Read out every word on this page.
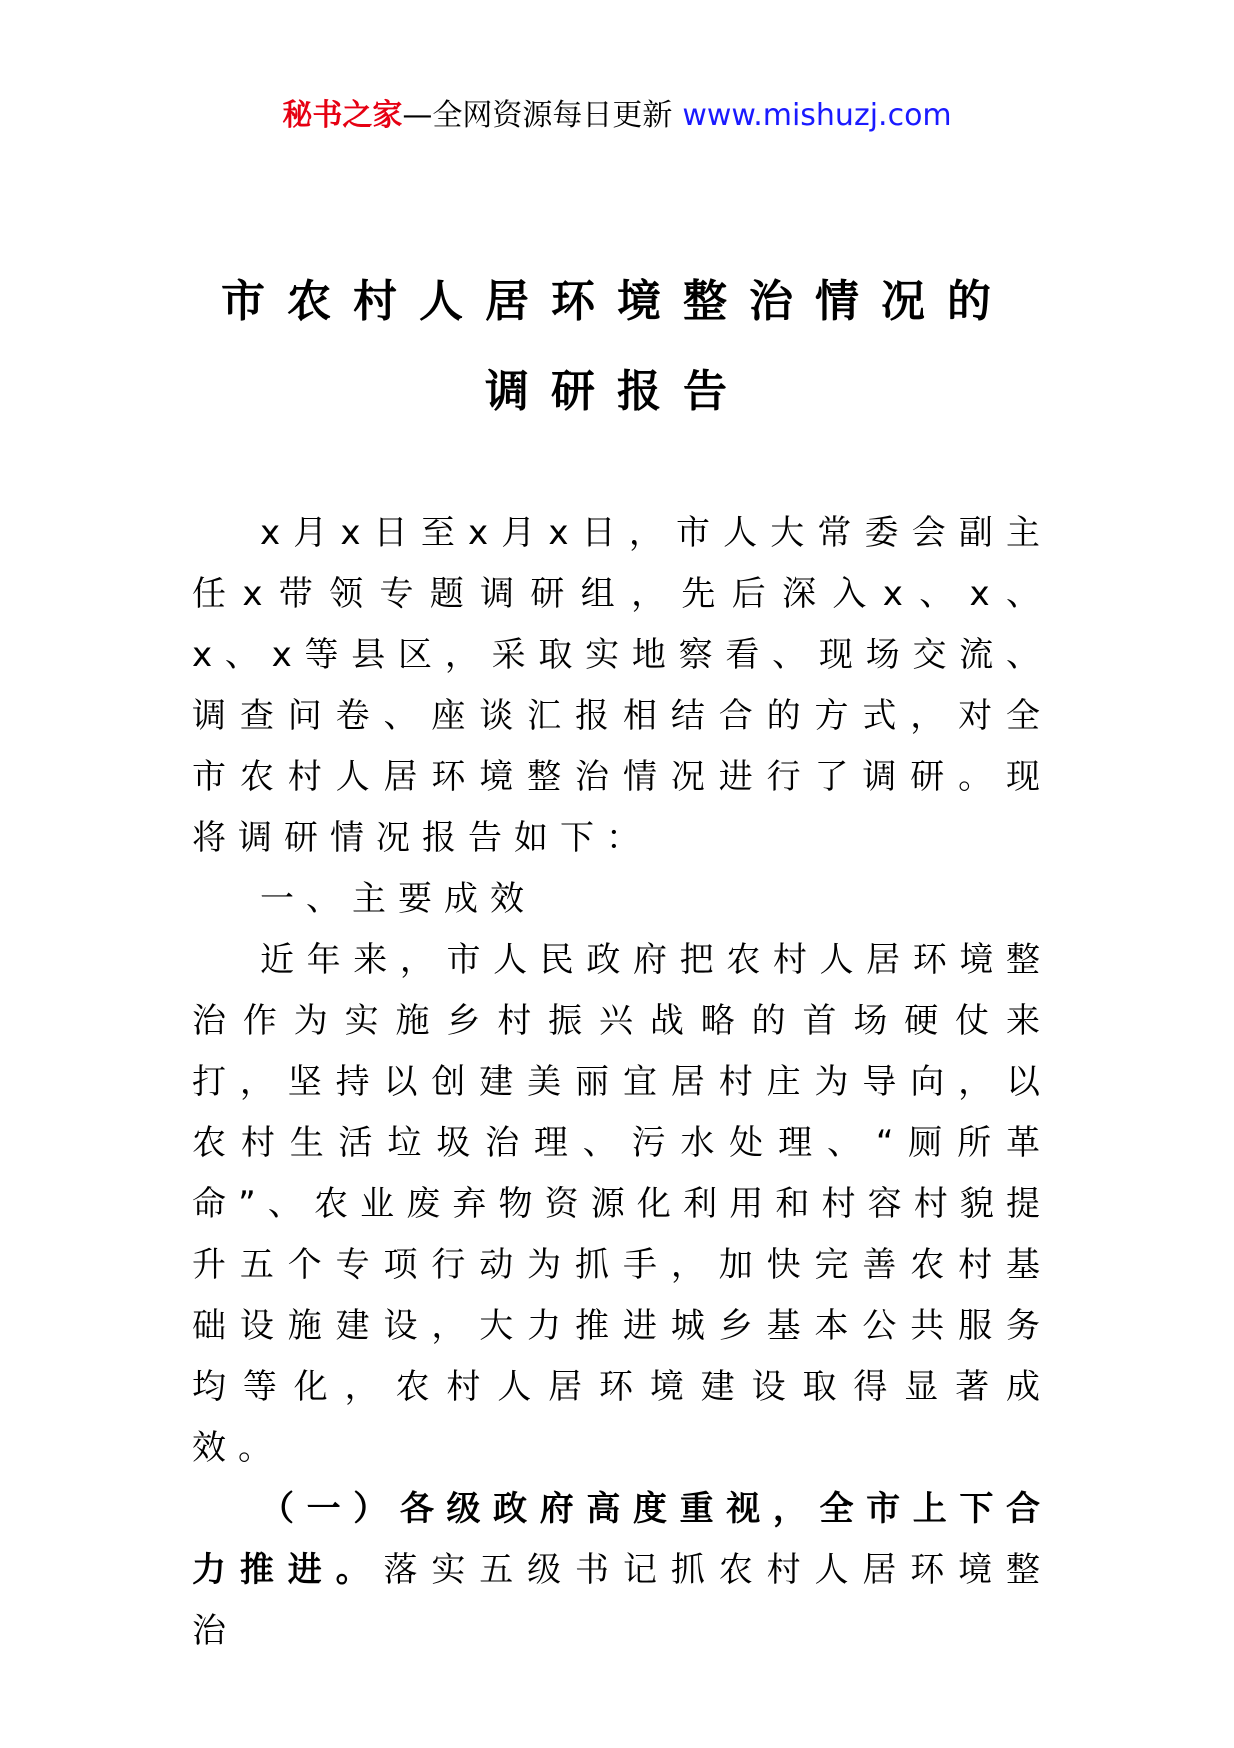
秘书之家—全网资源每日更新 www.mishuzj.com
市农村人居环境整治情况的
调研报告

x月x日至x月x日，市人大常委会副主任x带领专题调研组，先后深入x、x、x、x等县区，采取实地察看、现场交流、调查问卷、座谈汇报相结合的方式，对全市农村人居环境整治情况进行了调研。现将调研情况报告如下：

一、主要成效

近年来，市人民政府把农村人居环境整治作为实施乡村振兴战略的首场硬仗来打，坚持以创建美丽宜居村庄为导向，以农村生活垃圾治理、污水处理、“厕所革命”、农业废弃物资源化利用和村容村貌提升五个专项行动为抓手，加快完善农村基础设施建设，大力推进城乡基本公共服务均等化，农村人居环境建设取得显著成效。

（一）各级政府高度重视，全市上下合力推进。落实五级书记抓农村人居环境整治
